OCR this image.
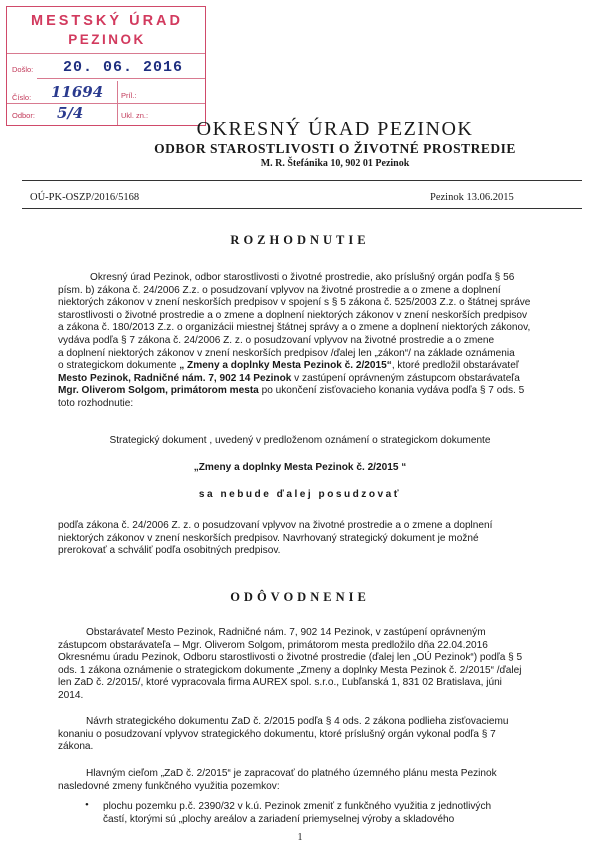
MESTSKÝ ÚRAD
PEZINOK
Došlo: 20. 06. 2016
Číslo: 11694 Príl.:
Odbor: 5/4	Ukl. zn.:
OKRESNÝ ÚRAD PEZINOK
ODBOR STAROSTLIVOSTI O ŽIVOTNÉ PROSTREDIE
M. R. Štefánika 10, 902 01 Pezinok
OÚ-PK-OSZP/2016/5168	Pezinok 13.06.2015
ROZHODNUTIE
Okresný úrad Pezinok, odbor starostlivosti o životné prostredie, ako príslušný orgán podľa § 56
písm. b) zákona č. 24/2006 Z.z. o posudzovaní vplyvov na životné prostredie a o zmene a doplnení
niektorých zákonov v znení neskorších predpisov v spojení s § 5 zákona č. 525/2003 Z.z. o štátnej správe
starostlivosti o životné prostredie a o zmene a doplnení niektorých zákonov v znení neskorších predpisov
a zákona č. 180/2013 Z.z. o organizácii miestnej štátnej správy a o zmene a doplnení niektorých zákonov,
vydáva podľa § 7 zákona č. 24/2006 Z. z. o posudzovaní vplyvov na životné prostredie a o zmene
a doplnení niektorých zákonov v znení neskorších predpisov /ďalej len „zákon“/ na základe oznámenia
o strategickom dokumente „ Zmeny a doplnky Mesta Pezinok č. 2/2015“, ktoré predložil obstarávateľ
Mesto Pezinok, Radničné nám. 7, 902 14 Pezinok v zastúpení oprávneným zástupcom obstarávateľa
Mgr. Oliverom Solgom, primátorom mesta po ukončení zisťovacieho konania vydáva podľa § 7 ods. 5
toto rozhodnutie:
Strategický dokument , uvedený v predloženom oznámení o strategickom dokumente
„Zmeny a doplnky Mesta Pezinok č. 2/2015 “
sa nebude ďalej posudzovať
podľa zákona č. 24/2006 Z. z. o posudzovaní vplyvov na životné prostredie a o zmene a doplnení
niektorých zákonov v znení neskorších predpisov. Navrhovaný strategický dokument je možné
prerokovať a schváliť podľa osobitných predpisov.
ODÔVODNENIE
Obstarávateľ Mesto Pezinok, Radničné nám. 7, 902 14 Pezinok, v zastúpení oprávneným
zástupcom obstarávateľa – Mgr. Oliverom Solgom, primátorom mesta predložilo dňa 22.04.2016
Okresnému úradu Pezinok, Odboru starostlivosti o životné prostredie (ďalej len „OÚ Pezinok“) podľa § 5
ods. 1 zákona oznámenie o strategickom dokumente „Zmeny a doplnky Mesta Pezinok č. 2/2015“ /ďalej
len ZaD č. 2/2015/, ktoré vypracovala firma AUREX spol. s.r.o., Ľubľanská 1, 831 02 Bratislava, júni
2014.
Návrh strategického dokumentu ZaD č. 2/2015 podľa § 4 ods. 2 zákona podlieha zisťovaciemu
konaniu o posudzovaní vplyvov strategického dokumentu, ktoré príslušný orgán vykonal podľa § 7
zákona.
Hlavným cieľom „ZaD č. 2/2015“ je zapracovať do platného územného plánu mesta Pezinok
nasledovné zmeny funkčného využitia pozemkov:
• plochu pozemku p.č. 2390/32 v k.ú. Pezinok zmeniť z funkčného využitia z jednotlivých
častí, ktorými sú „plochy areálov a zariadení priemyselnej výroby a skladového
1
